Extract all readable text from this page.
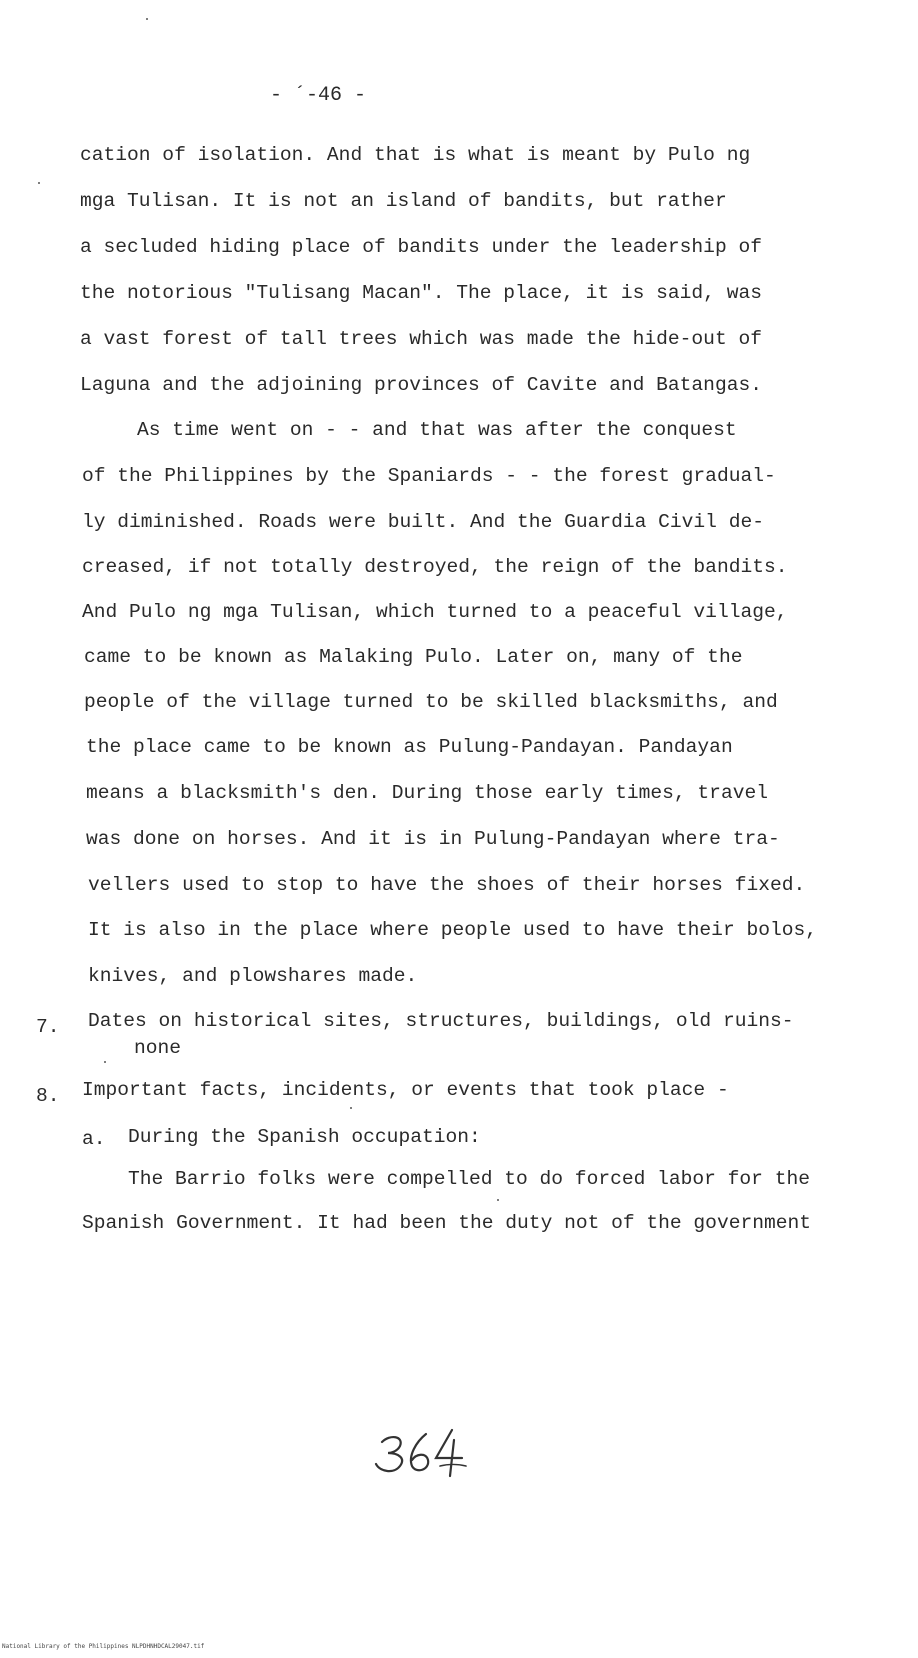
- ´-46 -
cation of isolation. And that is what is meant by Pulo ng
mga Tulisan. It is not an island of bandits, but rather
a secluded hiding place of bandits under the leadership of
the notorious "Tulisang Macan". The place, it is said, was
a vast forest of tall trees which was made the hide-out of
Laguna and the adjoining provinces of Cavite and Batangas.
As time went on - - and that was after the conquest
of the Philippines by the Spaniards - - the forest gradual-
ly diminished. Roads were built. And the Guardia Civil de-
creased, if not totally destroyed, the reign of the bandits.
And Pulo ng mga Tulisan, which turned to a peaceful village,
came to be known as Malaking Pulo. Later on, many of the
people of the village turned to be skilled blacksmiths, and
the place came to be known as Pulung-Pandayan. Pandayan
means a blacksmith's den. During those early times, travel
was done on horses. And it is in Pulung-Pandayan where tra-
vellers used to stop to have the shoes of their horses fixed.
It is also in the place where people used to have their bolos,
knives, and plowshares made.
7. Dates on historical sites, structures, buildings, old ruins-
none
8. Important facts, incidents, or events that took place -
a. During the Spanish occupation:
The Barrio folks were compelled to do forced labor for the
Spanish Government. It had been the duty not of the government
National Library of the Philippines NLPDHNHDCAL29047.tif
